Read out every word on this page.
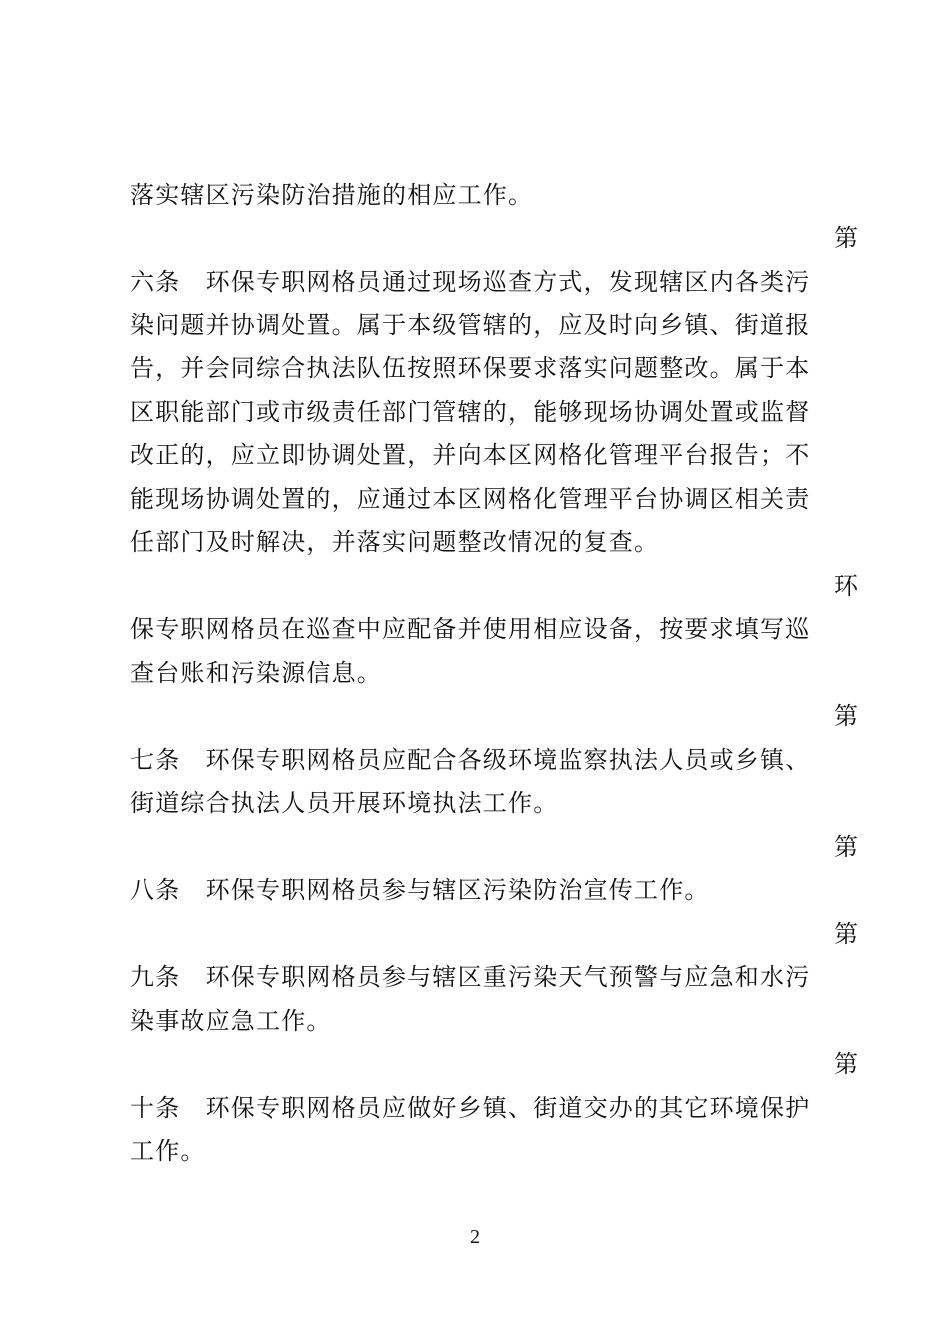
落实辖区污染防治措施的相应工作。
第
六条　环保专职网格员通过现场巡查方式，发现辖区内各类污
染问题并协调处置。属于本级管辖的，应及时向乡镇、街道报
告，并会同综合执法队伍按照环保要求落实问题整改。属于本
区职能部门或市级责任部门管辖的，能够现场协调处置或监督
改正的，应立即协调处置，并向本区网格化管理平台报告；不
能现场协调处置的，应通过本区网格化管理平台协调区相关责
任部门及时解决，并落实问题整改情况的复查。
环
保专职网格员在巡查中应配备并使用相应设备，按要求填写巡
查台账和污染源信息。
第
七条　环保专职网格员应配合各级环境监察执法人员或乡镇、
街道综合执法人员开展环境执法工作。
第
八条　环保专职网格员参与辖区污染防治宣传工作。
第
九条　环保专职网格员参与辖区重污染天气预警与应急和水污
染事故应急工作。
第
十条　环保专职网格员应做好乡镇、街道交办的其它环境保护
工作。
2
